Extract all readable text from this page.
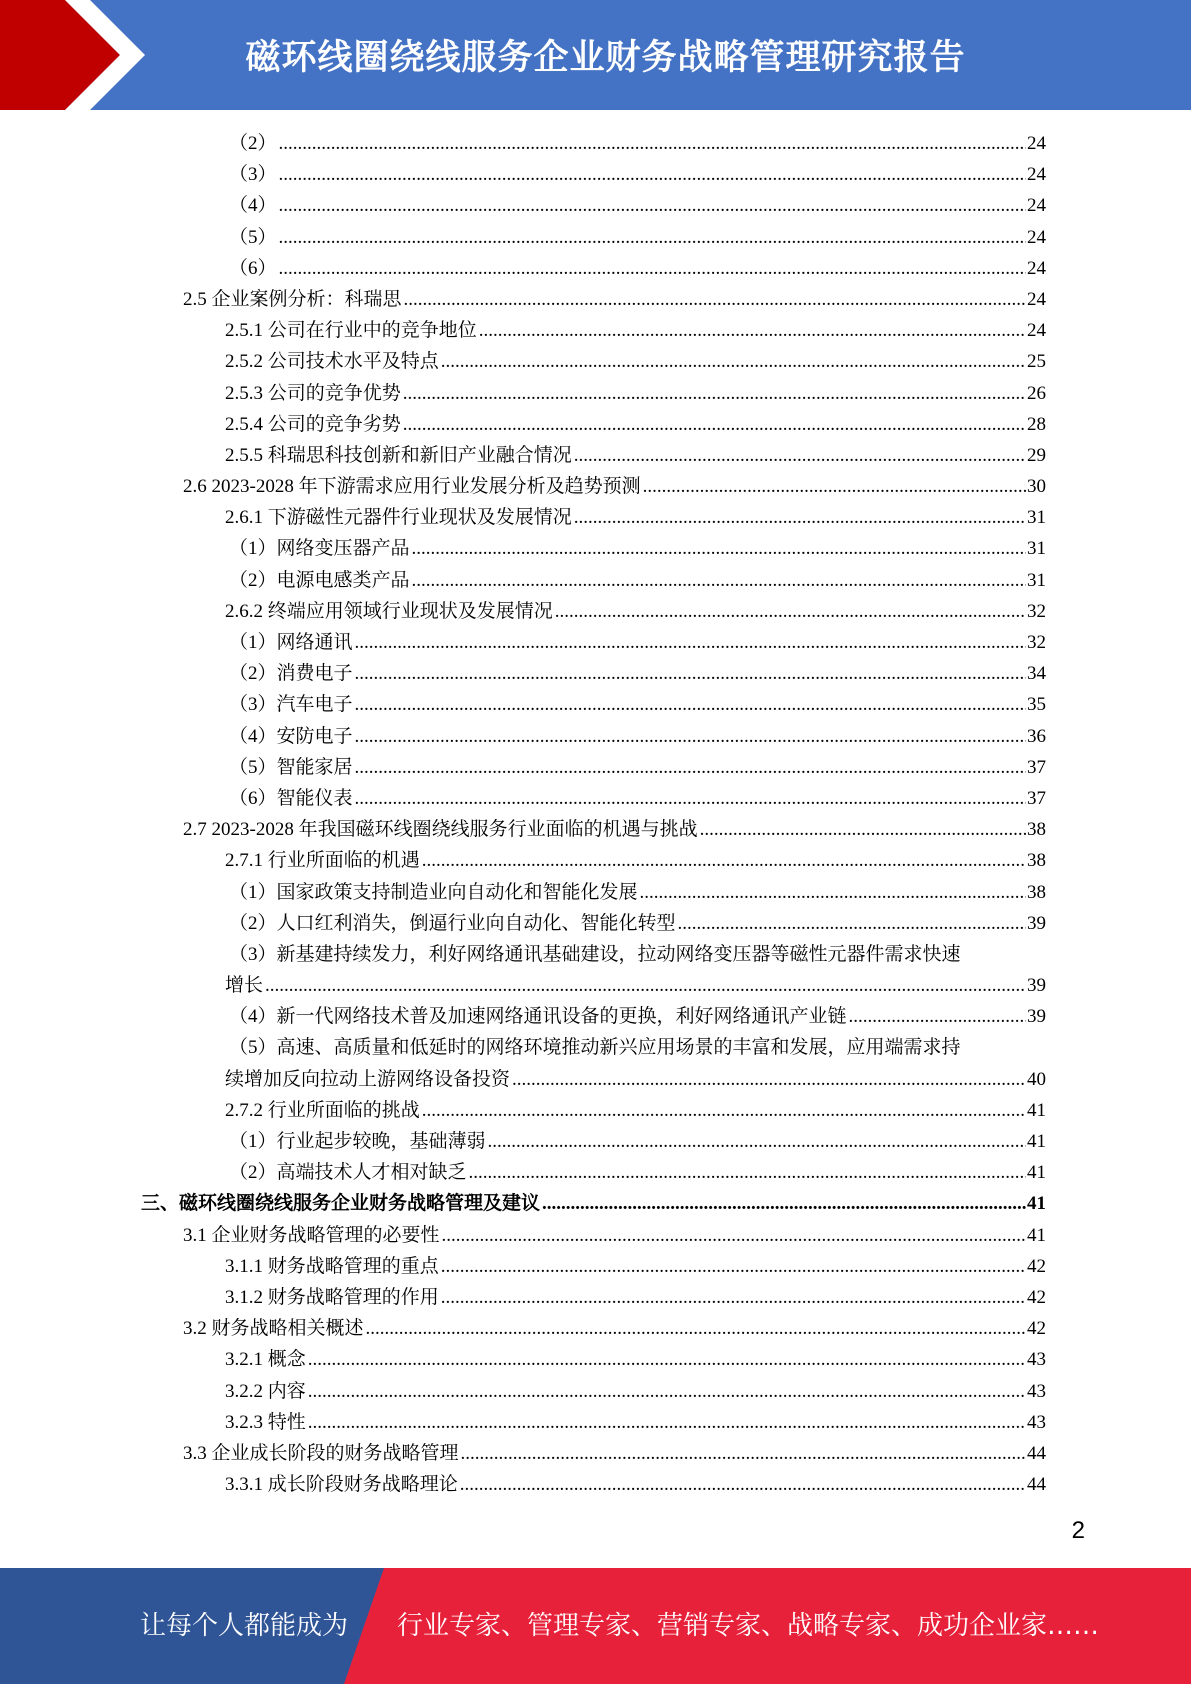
磁环线圈绕线服务企业财务战略管理研究报告
（2） .....	24
（3） .....	24
（4） .....	24
（5） .....	24
（6） .....	24
2.5 企业案例分析：科瑞思 .....	24
2.5.1 公司在行业中的竞争地位 .....	24
2.5.2 公司技术水平及特点 .....	25
2.5.3 公司的竞争优势 .....	26
2.5.4 公司的竞争劣势 .....	28
2.5.5 科瑞思科技创新和新旧产业融合情况 .....	29
2.6 2023-2028 年下游需求应用行业发展分析及趋势预测 .....	30
2.6.1 下游磁性元器件行业现状及发展情况 .....	31
（1）网络变压器产品 .....	31
（2）电源电感类产品 .....	31
2.6.2 终端应用领域行业现状及发展情况 .....	32
（1）网络通讯 .....	32
（2）消费电子 .....	34
（3）汽车电子 .....	35
（4）安防电子 .....	36
（5）智能家居 .....	37
（6）智能仪表 .....	37
2.7 2023-2028 年我国磁环线圈绕线服务行业面临的机遇与挑战 .....	38
2.7.1 行业所面临的机遇 .....	38
（1）国家政策支持制造业向自动化和智能化发展 .....	38
（2）人口红利消失，倒逼行业向自动化、智能化转型 .....	39
（3）新基建持续发力，利好网络通讯基础建设，拉动网络变压器等磁性元器件需求快速
增长 .....	39
（4）新一代网络技术普及加速网络通讯设备的更换，利好网络通讯产业链 .....	39
（5）高速、高质量和低延时的网络环境推动新兴应用场景的丰富和发展，应用端需求持
续增加反向拉动上游网络设备投资 .....	40
2.7.2 行业所面临的挑战 .....	41
（1）行业起步较晚，基础薄弱 .....	41
（2）高端技术人才相对缺乏 .....	41
三、磁环线圈绕线服务企业财务战略管理及建议 .....	41
3.1 企业财务战略管理的必要性 .....	41
3.1.1 财务战略管理的重点 .....	42
3.1.2 财务战略管理的作用 .....	42
3.2 财务战略相关概述 .....	42
3.2.1 概念 .....	43
3.2.2 内容 .....	43
3.2.3 特性 .....	43
3.3 企业成长阶段的财务战略管理 .....	44
3.3.1 成长阶段财务战略理论 .....	44
2
让每个人都能成为 行业专家、管理专家、营销专家、战略专家、成功企业家……
